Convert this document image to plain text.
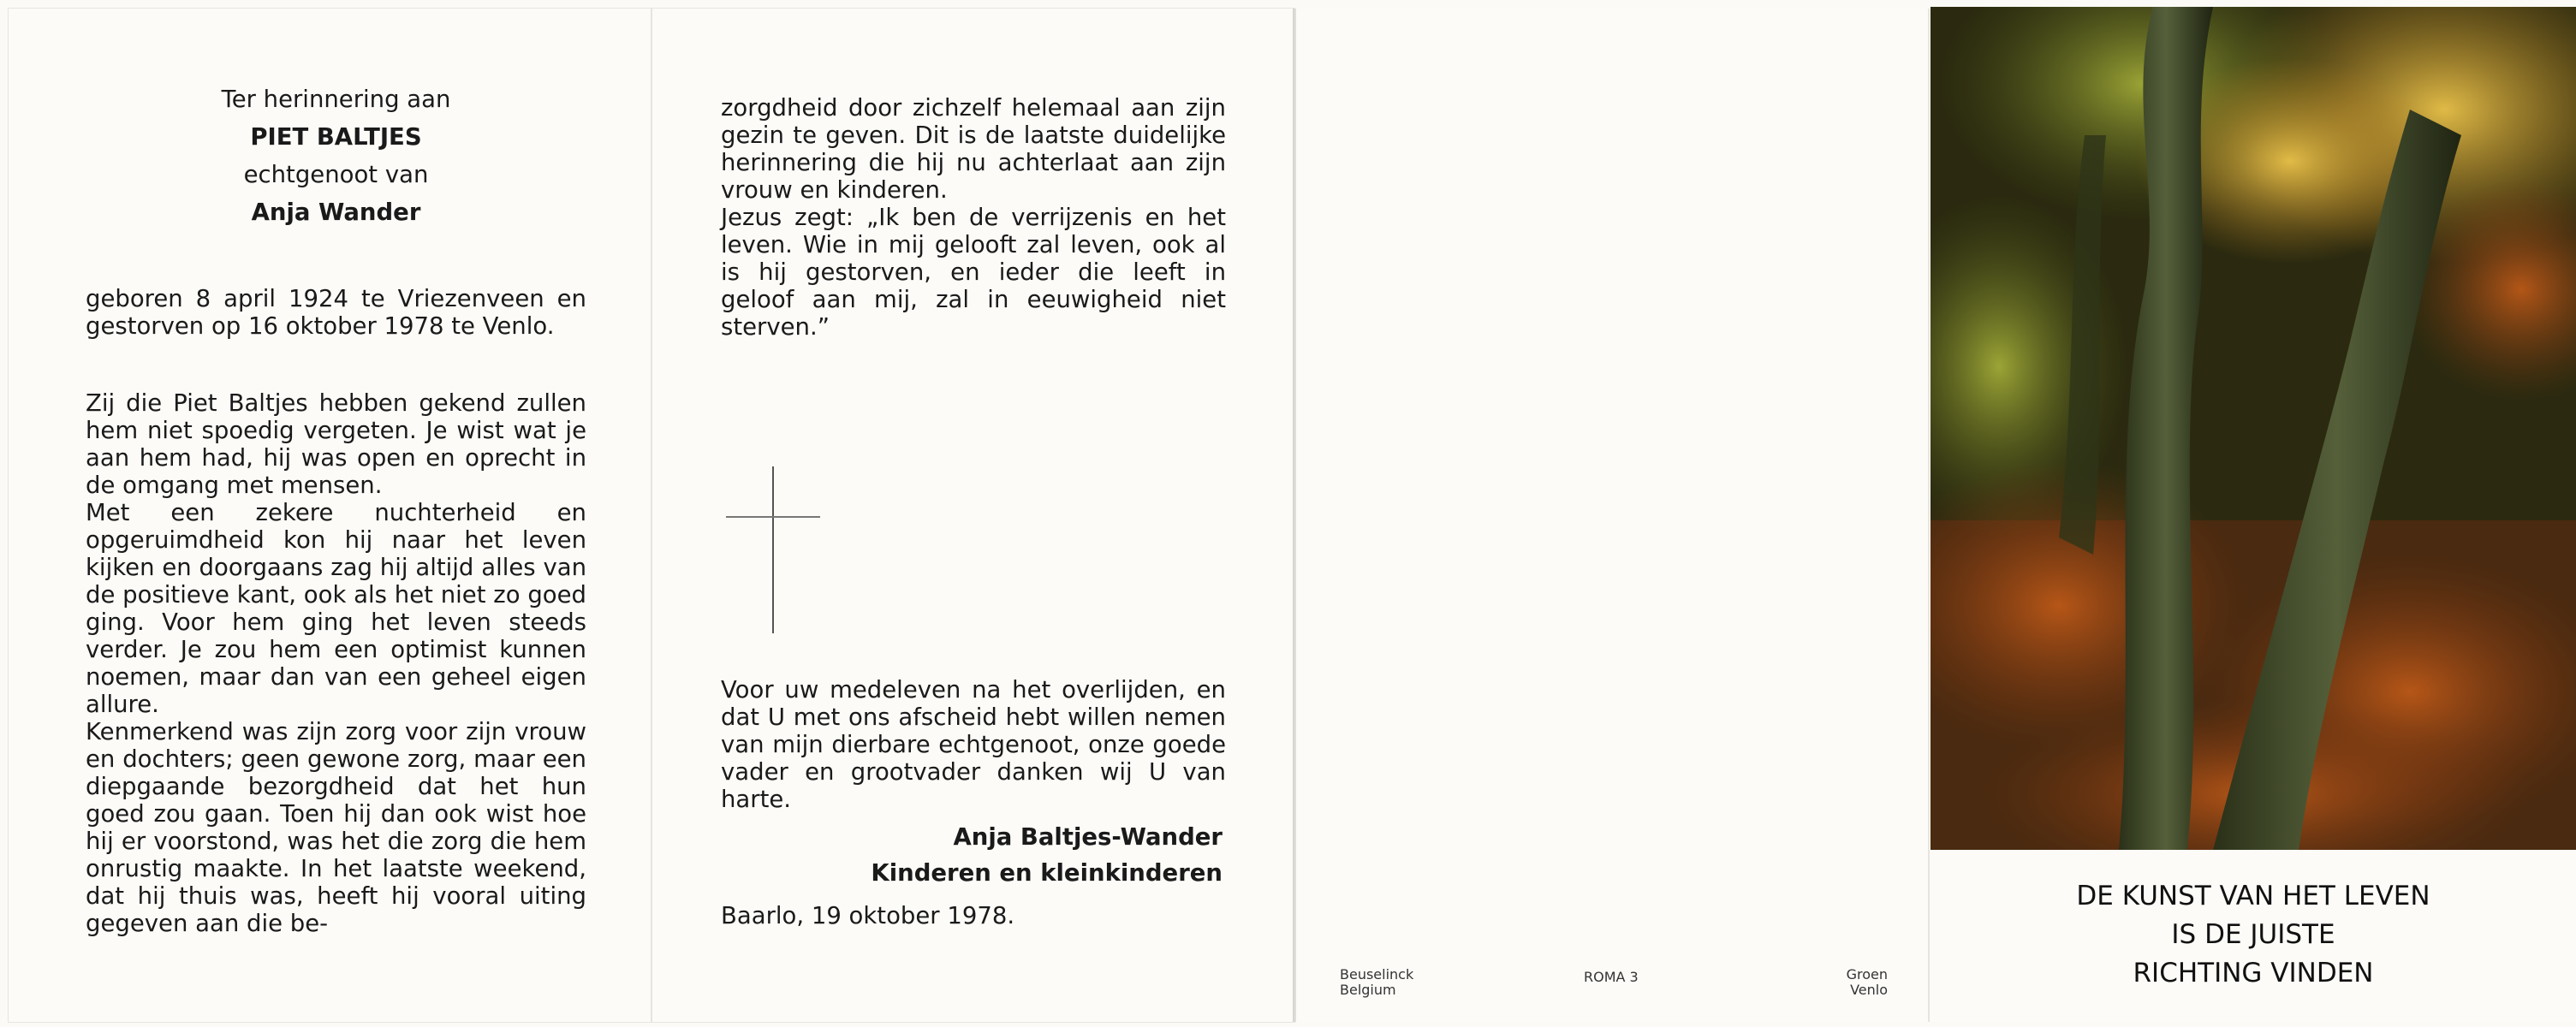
Ter herinnering aan
PIET BALTJES
echtgenoot van
Anja Wander

geboren 8 april 1924 te Vriezenveen en gestorven op 16 oktober 1978 te Venlo.

Zij die Piet Baltjes hebben gekend zullen hem niet spoedig vergeten. Je wist wat je aan hem had, hij was open en oprecht in de omgang met mensen.

Met een zekere nuchterheid en opgeruimdheid kon hij naar het leven kijken en doorgaans zag hij altijd alles van de positieve kant, ook als het niet zo goed ging. Voor hem ging het leven steeds verder. Je zou hem een optimist kunnen noemen, maar dan van een geheel eigen allure.

Kenmerkend was zijn zorg voor zijn vrouw en dochters; geen gewone zorg, maar een diepgaande bezorgdheid dat het hun goed zou gaan. Toen hij dan ook wist hoe hij er voorstond, was het die zorg die hem onrustig maakte. In het laatste weekend, dat hij thuis was, heeft hij vooral uiting gegeven aan die be-

zorgdheid door zichzelf helemaal aan zijn gezin te geven. Dit is de laatste duidelijke herinnering die hij nu achterlaat aan zijn vrouw en kinderen.

Jezus zegt: „Ik ben de verrijzenis en het leven. Wie in mij gelooft zal leven, ook al is hij gestorven, en ieder die leeft in geloof aan mij, zal in eeuwigheid niet sterven.”

Voor uw medeleven na het overlijden, en dat U met ons afscheid hebt willen nemen van mijn dierbare echtgenoot, onze goede vader en grootvader danken wij U van harte.

Anja Baltjes-Wander
Kinderen en kleinkinderen
Baarlo, 19 oktober 1978.
Beuselinck
Belgium
ROMA 3	Groen
Venlo
DE KUNST VAN HET LEVEN
IS DE JUISTE
RICHTING VINDEN
